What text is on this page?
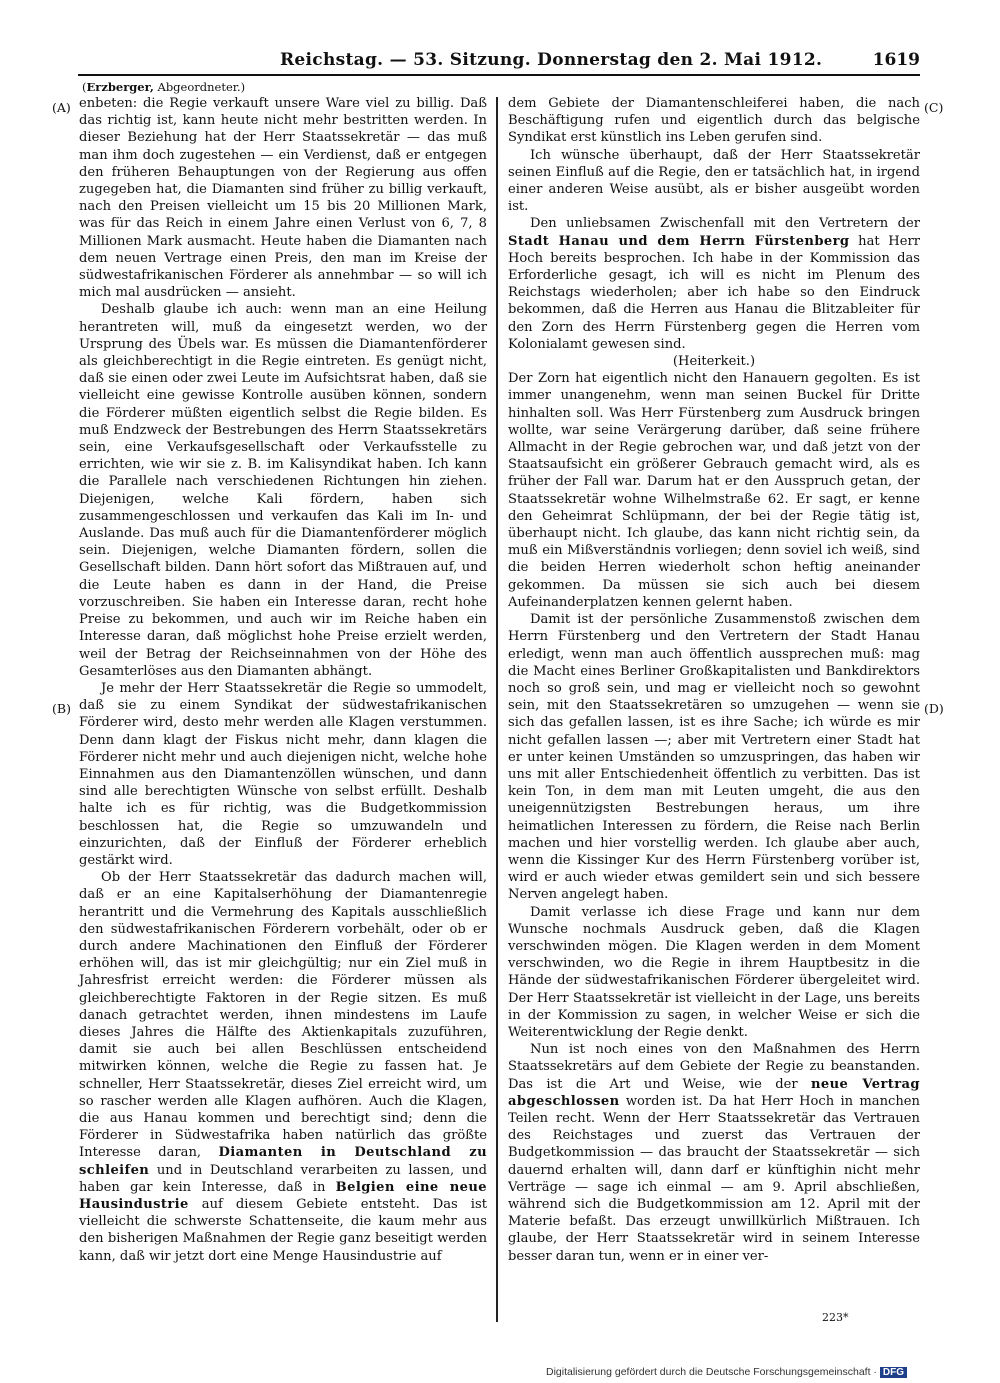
Reichstag. — 53. Sitzung. Donnerstag den 2. Mai 1912.	1619
(Erzberger, Abgeordneter.)
(A)
(B)
(C)
(D)

enbeten: die Regie verkauft unsere Ware viel zu billig. Daß das richtig ist, kann heute nicht mehr bestritten werden. In dieser Beziehung hat der Herr Staatssekretär — das muß man ihm doch zugestehen — ein Verdienst, daß er entgegen den früheren Behauptungen von der Regierung aus offen zugegeben hat, die Diamanten sind früher zu billig verkauft, nach den Preisen vielleicht um 15 bis 20 Millionen Mark, was für das Reich in einem Jahre einen Verlust von 6, 7, 8 Millionen Mark ausmacht. Heute haben die Diamanten nach dem neuen Vertrage einen Preis, den man im Kreise der südwestafrikanischen Förderer als annehmbar — so will ich mich mal ausdrücken — ansieht.

Deshalb glaube ich auch: wenn man an eine Heilung herantreten will, muß da eingesetzt werden, wo der Ursprung des Übels war. Es müssen die Diamantenförderer als gleichberechtigt in die Regie eintreten. Es genügt nicht, daß sie einen oder zwei Leute im Aufsichtsrat haben, daß sie vielleicht eine gewisse Kontrolle ausüben können, sondern die Förderer müßten eigentlich selbst die Regie bilden. Es muß Endzweck der Bestrebungen des Herrn Staatssekretärs sein, eine Verkaufsgesellschaft oder Verkaufsstelle zu errichten, wie wir sie z. B. im Kalisyndikat haben. Ich kann die Parallele nach verschiedenen Richtungen hin ziehen. Diejenigen, welche Kali fördern, haben sich zusammengeschlossen und verkaufen das Kali im In- und Auslande. Das muß auch für die Diamantenförderer möglich sein. Diejenigen, welche Diamanten fördern, sollen die Gesellschaft bilden. Dann hört sofort das Mißtrauen auf, und die Leute haben es dann in der Hand, die Preise vorzuschreiben. Sie haben ein Interesse daran, recht hohe Preise zu bekommen, und auch wir im Reiche haben ein Interesse daran, daß möglichst hohe Preise erzielt werden, weil der Betrag der Reichseinnahmen von der Höhe des Gesamterlöses aus den Diamanten abhängt.

Je mehr der Herr Staatssekretär die Regie so ummodelt, daß sie zu einem Syndikat der südwestafrikanischen Förderer wird, desto mehr werden alle Klagen verstummen. Denn dann klagt der Fiskus nicht mehr, dann klagen die Förderer nicht mehr und auch diejenigen nicht, welche hohe Einnahmen aus den Diamantenzöllen wünschen, und dann sind alle berechtigten Wünsche von selbst erfüllt. Deshalb halte ich es für richtig, was die Budgetkommission beschlossen hat, die Regie so umzuwandeln und einzurichten, daß der Einfluß der Förderer erheblich gestärkt wird.

Ob der Herr Staatssekretär das dadurch machen will, daß er an eine Kapitalserhöhung der Diamantenregie herantritt und die Vermehrung des Kapitals ausschließlich den südwestafrikanischen Förderern vorbehält, oder ob er durch andere Machinationen den Einfluß der Förderer erhöhen will, das ist mir gleichgültig; nur ein Ziel muß in Jahresfrist erreicht werden: die Förderer müssen als gleichberechtigte Faktoren in der Regie sitzen. Es muß danach getrachtet werden, ihnen mindestens im Laufe dieses Jahres die Hälfte des Aktienkapitals zuzuführen, damit sie auch bei allen Beschlüssen entscheidend mitwirken können, welche die Regie zu fassen hat. Je schneller, Herr Staatssekretär, dieses Ziel erreicht wird, um so rascher werden alle Klagen aufhören. Auch die Klagen, die aus Hanau kommen und berechtigt sind; denn die Förderer in Südwestafrika haben natürlich das größte Interesse daran, Diamanten in Deutschland zu schleifen und in Deutschland verarbeiten zu lassen, und haben gar kein Interesse, daß in Belgien eine neue Hausindustrie auf diesem Gebiete entsteht. Das ist vielleicht die schwerste Schattenseite, die kaum mehr aus den bisherigen Maßnahmen der Regie ganz beseitigt werden kann, daß wir jetzt dort eine Menge Hausindustrie auf

dem Gebiete der Diamantenschleiferei haben, die nach Beschäftigung rufen und eigentlich durch das belgische Syndikat erst künstlich ins Leben gerufen sind.

Ich wünsche überhaupt, daß der Herr Staatssekretär seinen Einfluß auf die Regie, den er tatsächlich hat, in irgend einer anderen Weise ausübt, als er bisher ausgeübt worden ist.

Den unliebsamen Zwischenfall mit den Vertretern der Stadt Hanau und dem Herrn Fürstenberg hat Herr Hoch bereits besprochen. Ich habe in der Kommission das Erforderliche gesagt, ich will es nicht im Plenum des Reichstags wiederholen; aber ich habe so den Eindruck bekommen, daß die Herren aus Hanau die Blitzableiter für den Zorn des Herrn Fürstenberg gegen die Herren vom Kolonialamt gewesen sind.

(Heiterkeit.)

Der Zorn hat eigentlich nicht den Hanauern gegolten. Es ist immer unangenehm, wenn man seinen Buckel für Dritte hinhalten soll. Was Herr Fürstenberg zum Ausdruck bringen wollte, war seine Verärgerung darüber, daß seine frühere Allmacht in der Regie gebrochen war, und daß jetzt von der Staatsaufsicht ein größerer Gebrauch gemacht wird, als es früher der Fall war. Darum hat er den Ausspruch getan, der Staatssekretär wohne Wilhelmstraße 62. Er sagt, er kenne den Geheimrat Schlüpmann, der bei der Regie tätig ist, überhaupt nicht. Ich glaube, das kann nicht richtig sein, da muß ein Mißverständnis vorliegen; denn soviel ich weiß, sind die beiden Herren wiederholt schon heftig aneinander gekommen. Da müssen sie sich auch bei diesem Aufeinanderplatzen kennen gelernt haben.

Damit ist der persönliche Zusammenstoß zwischen dem Herrn Fürstenberg und den Vertretern der Stadt Hanau erledigt, wenn man auch öffentlich aussprechen muß: mag die Macht eines Berliner Großkapitalisten und Bankdirektors noch so groß sein, und mag er vielleicht noch so gewohnt sein, mit den Staatssekretären so umzugehen — wenn sie sich das gefallen lassen, ist es ihre Sache; ich würde es mir nicht gefallen lassen —; aber mit Vertretern einer Stadt hat er unter keinen Umständen so umzuspringen, das haben wir uns mit aller Entschiedenheit öffentlich zu verbitten. Das ist kein Ton, in dem man mit Leuten umgeht, die aus den uneigennützigsten Bestrebungen heraus, um ihre heimatlichen Interessen zu fördern, die Reise nach Berlin machen und hier vorstellig werden. Ich glaube aber auch, wenn die Kissinger Kur des Herrn Fürstenberg vorüber ist, wird er auch wieder etwas gemildert sein und sich bessere Nerven angelegt haben.

Damit verlasse ich diese Frage und kann nur dem Wunsche nochmals Ausdruck geben, daß die Klagen verschwinden mögen. Die Klagen werden in dem Moment verschwinden, wo die Regie in ihrem Hauptbesitz in die Hände der südwestafrikanischen Förderer übergeleitet wird. Der Herr Staatssekretär ist vielleicht in der Lage, uns bereits in der Kommission zu sagen, in welcher Weise er sich die Weiterentwicklung der Regie denkt.

Nun ist noch eines von den Maßnahmen des Herrn Staatssekretärs auf dem Gebiete der Regie zu beanstanden. Das ist die Art und Weise, wie der neue Vertrag abgeschlossen worden ist. Da hat Herr Hoch in manchen Teilen recht. Wenn der Herr Staatssekretär das Vertrauen des Reichstages und zuerst das Vertrauen der Budgetkommission — das braucht der Staatssekretär — sich dauernd erhalten will, dann darf er künftighin nicht mehr Verträge — sage ich einmal — am 9. April abschließen, während sich die Budgetkommission am 12. April mit der Materie befaßt. Das erzeugt unwillkürlich Mißtrauen. Ich glaube, der Herr Staatssekretär wird in seinem Interesse besser daran tun, wenn er in einer ver-

223*
Digitalisierung gefördert durch die Deutsche Forschungsgemeinschaft · DFG
